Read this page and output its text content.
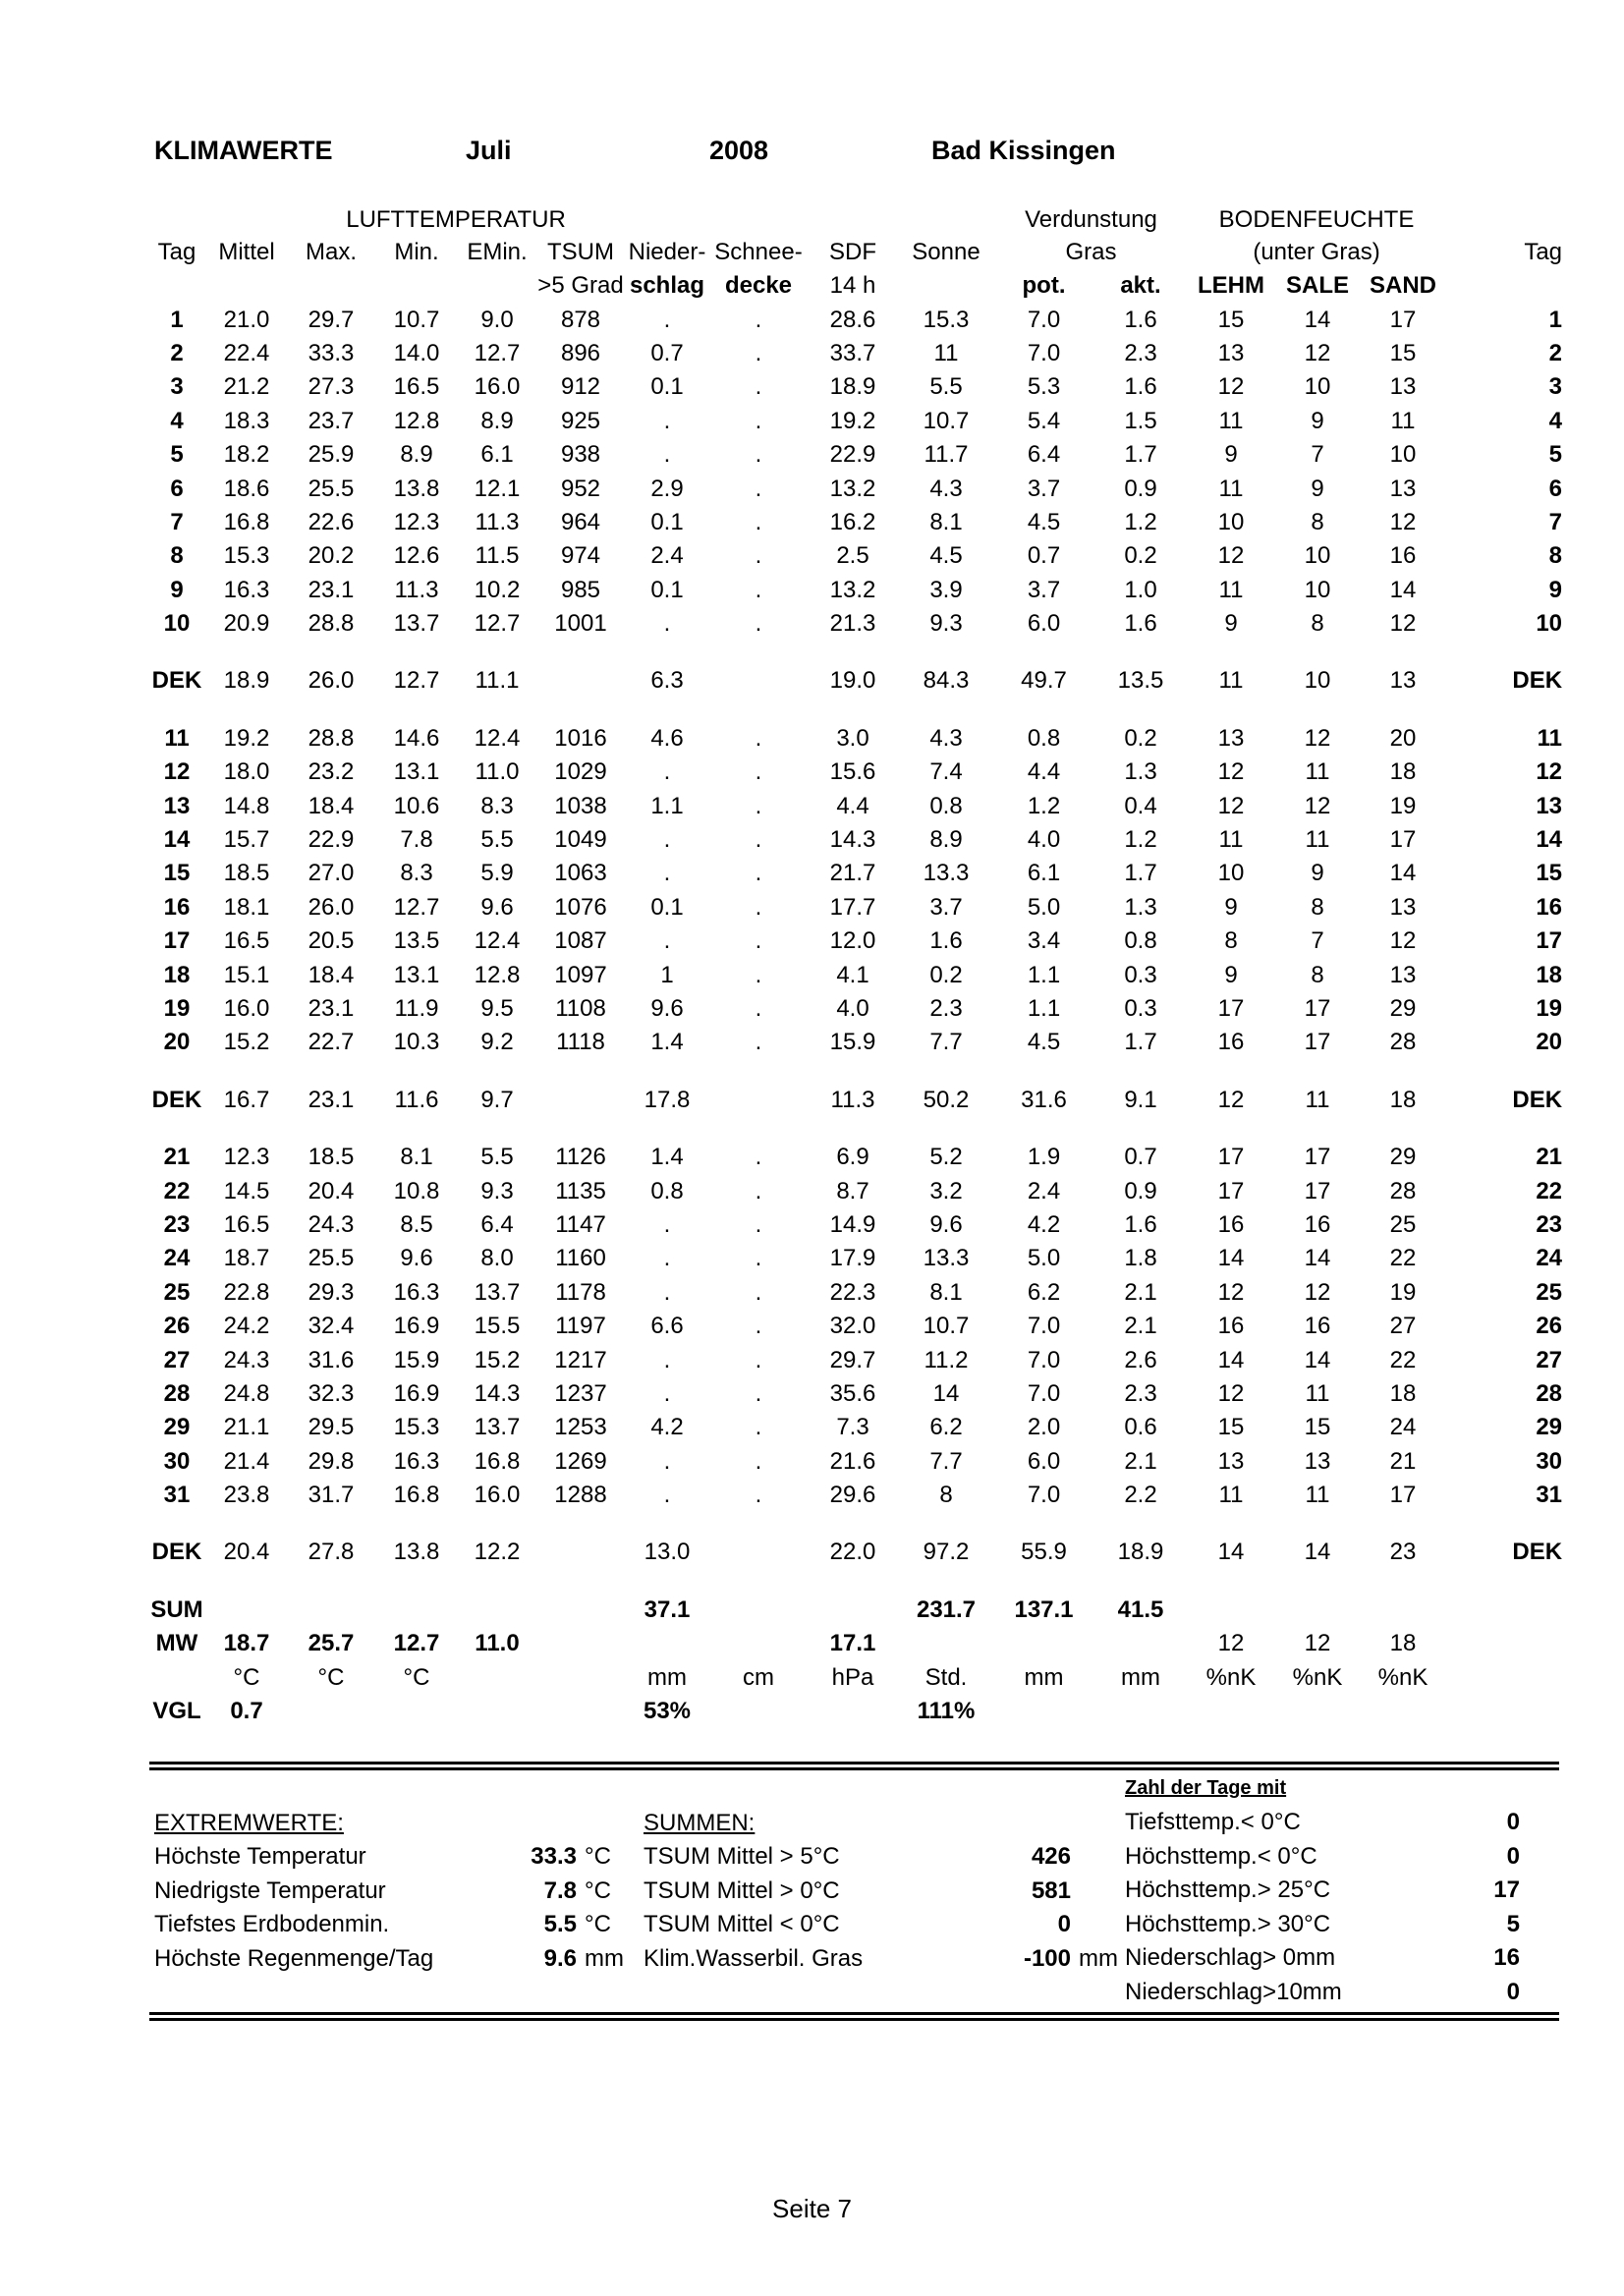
KLIMAWERTE	Juli	2008	Bad Kissingen
		LUFTTEMPERATUR								Verdunstung		BODENFEUCHTE			
Tag	Mittel	Max.	Min.	EMin.	TSUM	Nieder-	Schnee-	SDF	Sonne	Gras		(unter Gras)			Tag
					>5 Grad	schlag	decke	14 h		pot.	akt.	LEHM	SALE	SAND	
1	21.0	29.7	10.7	9.0	878	.	.	28.6	15.3	7.0	1.6	15	14	17	1
2	22.4	33.3	14.0	12.7	896	0.7	.	33.7	11	7.0	2.3	13	12	15	2
3	21.2	27.3	16.5	16.0	912	0.1	.	18.9	5.5	5.3	1.6	12	10	13	3
4	18.3	23.7	12.8	8.9	925	.	.	19.2	10.7	5.4	1.5	11	9	11	4
5	18.2	25.9	8.9	6.1	938	.	.	22.9	11.7	6.4	1.7	9	7	10	5
6	18.6	25.5	13.8	12.1	952	2.9	.	13.2	4.3	3.7	0.9	11	9	13	6
7	16.8	22.6	12.3	11.3	964	0.1	.	16.2	8.1	4.5	1.2	10	8	12	7
8	15.3	20.2	12.6	11.5	974	2.4	.	2.5	4.5	0.7	0.2	12	10	16	8
9	16.3	23.1	11.3	10.2	985	0.1	.	13.2	3.9	3.7	1.0	11	10	14	9
10	20.9	28.8	13.7	12.7	1001	.	.	21.3	9.3	6.0	1.6	9	8	12	10

DEK	18.9	26.0	12.7	11.1		6.3		19.0	84.3	49.7	13.5	11	10	13	DEK

11	19.2	28.8	14.6	12.4	1016	4.6	.	3.0	4.3	0.8	0.2	13	12	20	11
12	18.0	23.2	13.1	11.0	1029	.	.	15.6	7.4	4.4	1.3	12	11	18	12
13	14.8	18.4	10.6	8.3	1038	1.1	.	4.4	0.8	1.2	0.4	12	12	19	13
14	15.7	22.9	7.8	5.5	1049	.	.	14.3	8.9	4.0	1.2	11	11	17	14
15	18.5	27.0	8.3	5.9	1063	.	.	21.7	13.3	6.1	1.7	10	9	14	15
16	18.1	26.0	12.7	9.6	1076	0.1	.	17.7	3.7	5.0	1.3	9	8	13	16
17	16.5	20.5	13.5	12.4	1087	.	.	12.0	1.6	3.4	0.8	8	7	12	17
18	15.1	18.4	13.1	12.8	1097	1	.	4.1	0.2	1.1	0.3	9	8	13	18
19	16.0	23.1	11.9	9.5	1108	9.6	.	4.0	2.3	1.1	0.3	17	17	29	19
20	15.2	22.7	10.3	9.2	1118	1.4	.	15.9	7.7	4.5	1.7	16	17	28	20

DEK	16.7	23.1	11.6	9.7		17.8		11.3	50.2	31.6	9.1	12	11	18	DEK

21	12.3	18.5	8.1	5.5	1126	1.4	.	6.9	5.2	1.9	0.7	17	17	29	21
22	14.5	20.4	10.8	9.3	1135	0.8	.	8.7	3.2	2.4	0.9	17	17	28	22
23	16.5	24.3	8.5	6.4	1147	.	.	14.9	9.6	4.2	1.6	16	16	25	23
24	18.7	25.5	9.6	8.0	1160	.	.	17.9	13.3	5.0	1.8	14	14	22	24
25	22.8	29.3	16.3	13.7	1178	.	.	22.3	8.1	6.2	2.1	12	12	19	25
26	24.2	32.4	16.9	15.5	1197	6.6	.	32.0	10.7	7.0	2.1	16	16	27	26
27	24.3	31.6	15.9	15.2	1217	.	.	29.7	11.2	7.0	2.6	14	14	22	27
28	24.8	32.3	16.9	14.3	1237	.	.	35.6	14	7.0	2.3	12	11	18	28
29	21.1	29.5	15.3	13.7	1253	4.2	.	7.3	6.2	2.0	0.6	15	15	24	29
30	21.4	29.8	16.3	16.8	1269	.	.	21.6	7.7	6.0	2.1	13	13	21	30
31	23.8	31.7	16.8	16.0	1288	.	.	29.6	8	7.0	2.2	11	11	17	31

DEK	20.4	27.8	13.8	12.2		13.0		22.0	97.2	55.9	18.9	14	14	23	DEK

SUM						37.1			231.7	137.1	41.5				
MW	18.7	25.7	12.7	11.0				17.1				12	12	18	
	°C	°C	°C			mm	cm	hPa	Std.	mm	mm	%nK	%nK	%nK	
VGL	0.7					53%			111%						
EXTREMWERTE:	SUMMEN:
Zahl der Tage mit
Höchste Temperatur	33.3 °C
Niedrigste Temperatur	7.8 °C
Tiefstes Erdbodenmin.	5.5 °C
Höchste Regenmenge/Tag	9.6 mm
TSUM Mittel > 5°C	426
TSUM Mittel > 0°C	581
TSUM Mittel < 0°C	0
Klim.Wasserbil. Gras	-100 mm
Tiefsttemp.< 0°C	0
Höchsttemp.< 0°C	0
Höchsttemp.> 25°C	17
Höchsttemp.> 30°C	5
Niederschlag> 0mm	16
Niederschlag>10mm	0
Seite 7
